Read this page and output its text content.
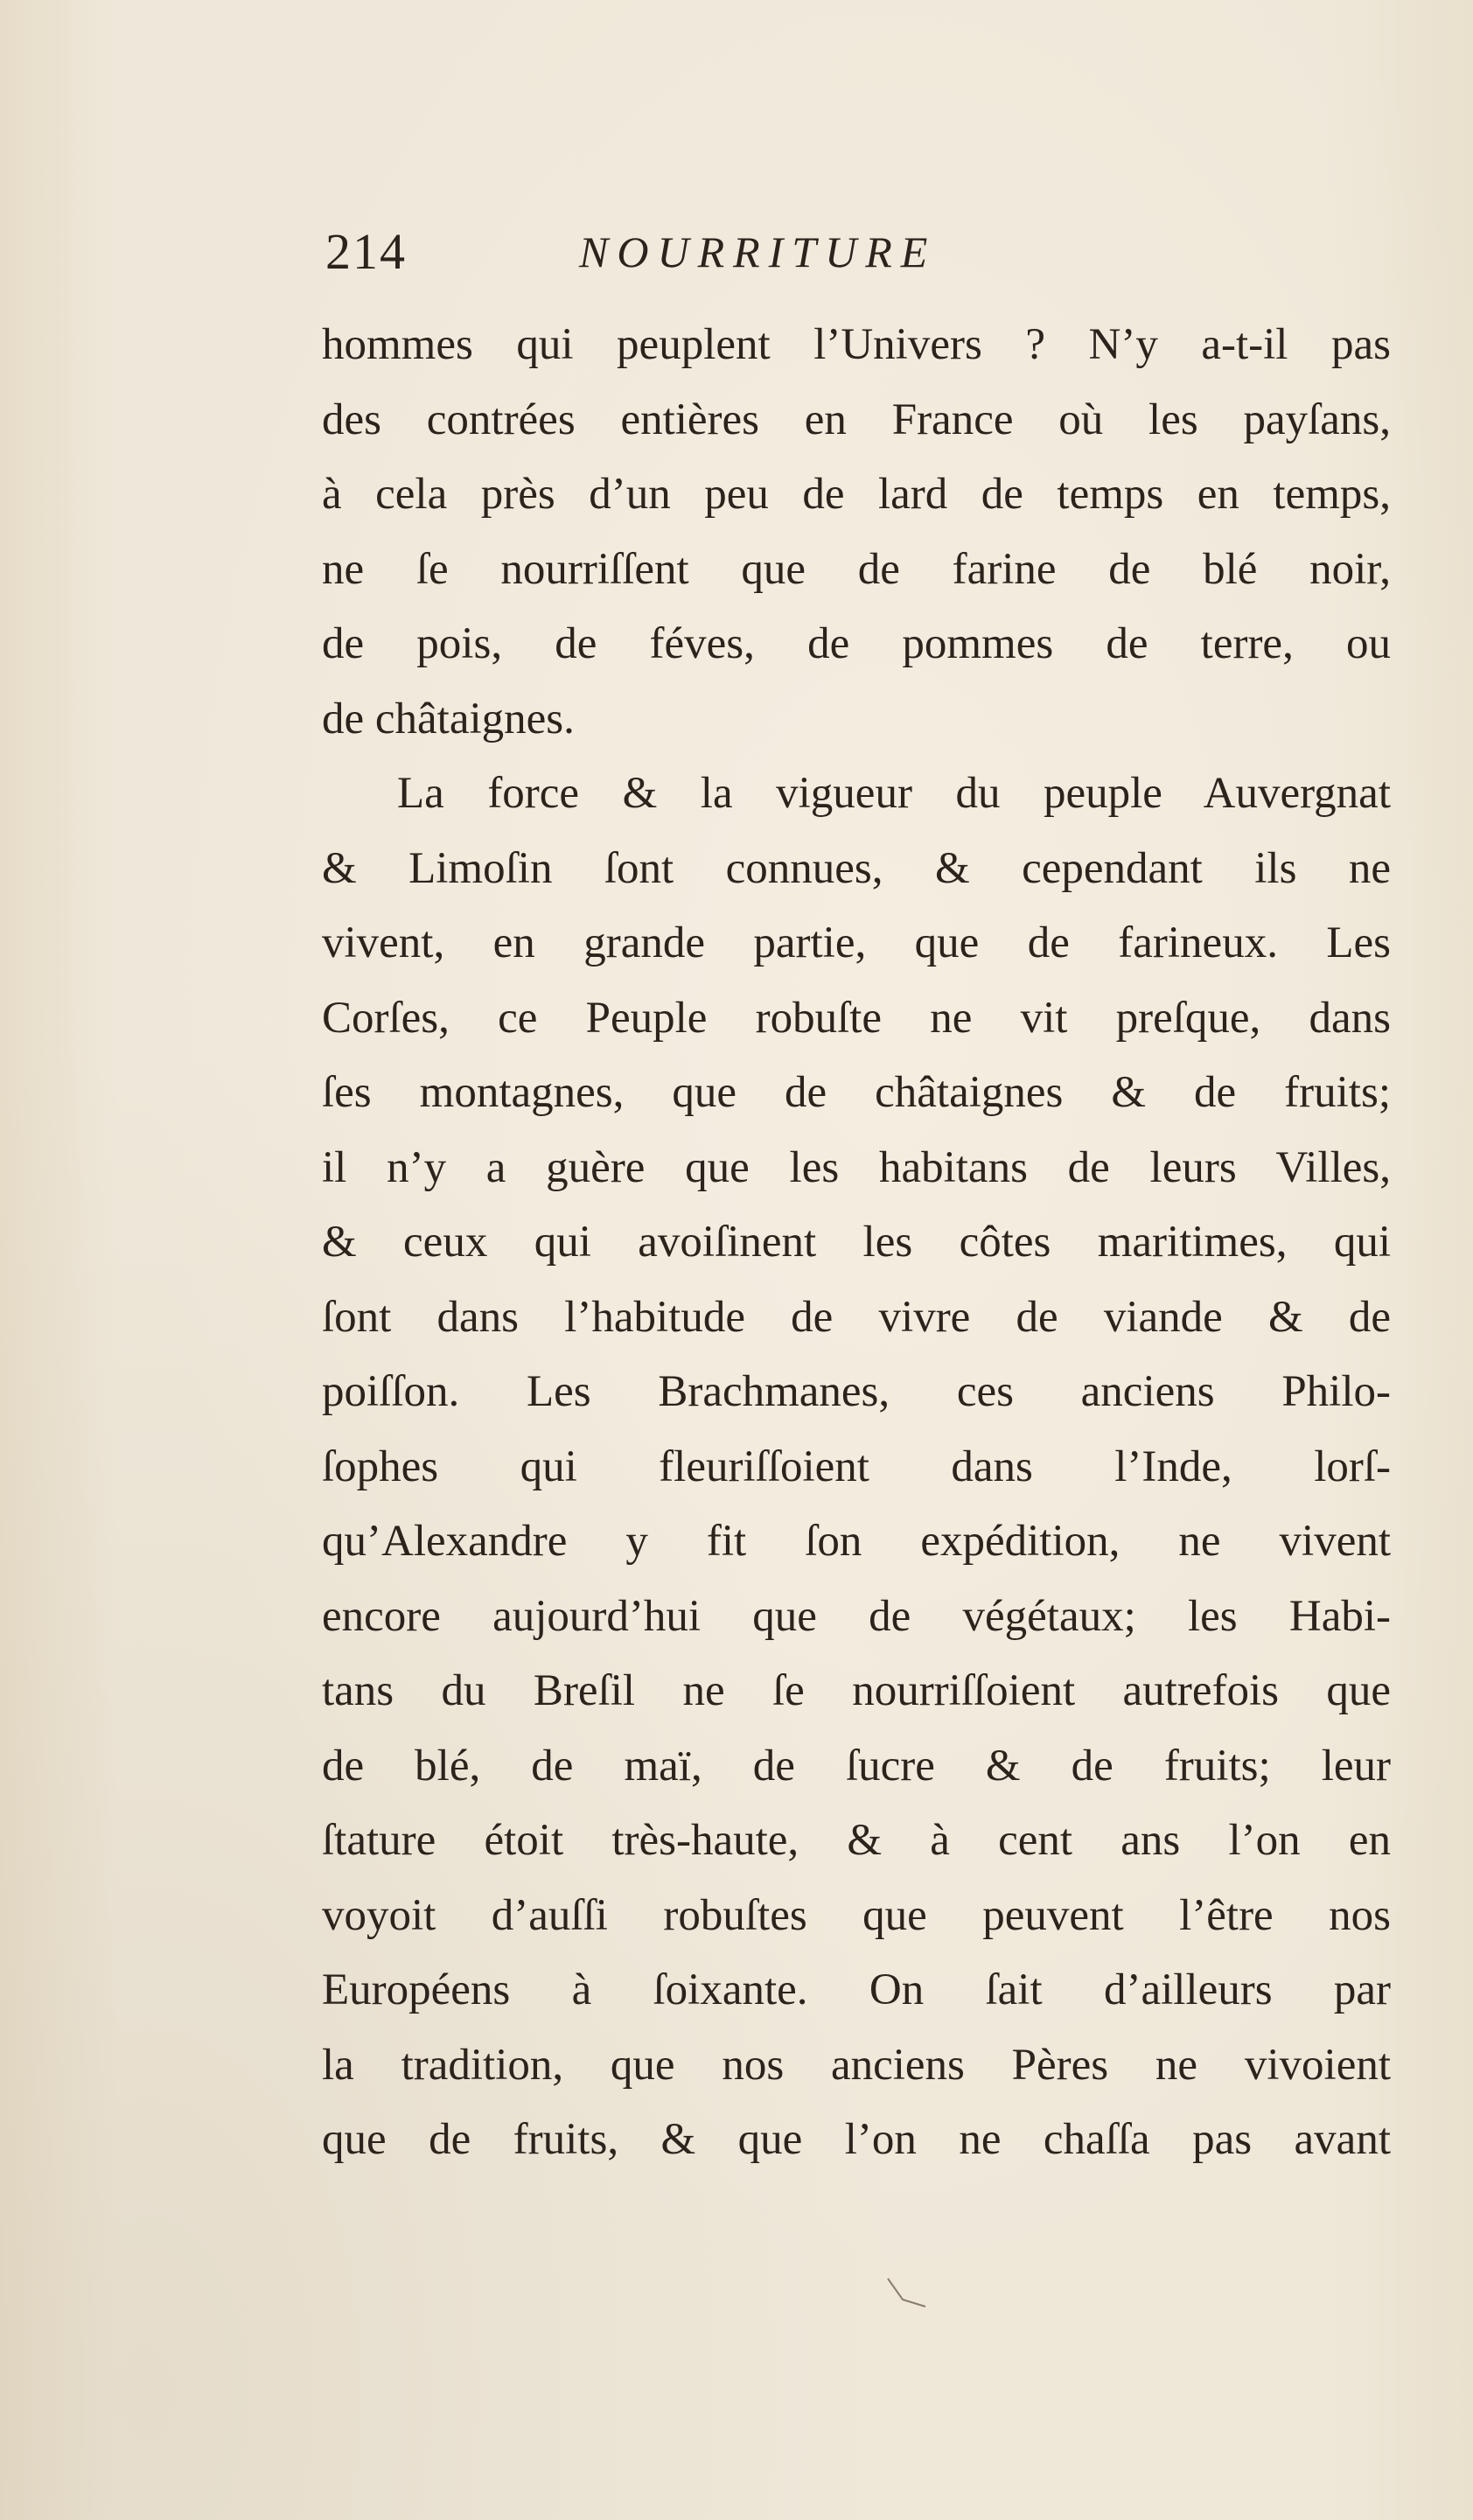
214	NOURRITURE
hommes qui peuplent l’Univers ? N’y a-t-il pas
des contrées entières en France où les payſans,
à cela près d’un peu de lard de temps en temps,
ne ſe nourriſſent que de farine de blé noir,
de pois, de féves, de pommes de terre, ou
de châtaignes.
La force & la vigueur du peuple Auvergnat
& Limoſin ſont connues, & cependant ils ne
vivent, en grande partie, que de farineux. Les
Corſes, ce Peuple robuſte ne vit preſque, dans
ſes montagnes, que de châtaignes & de fruits;
il n’y a guère que les habitans de leurs Villes,
& ceux qui avoiſinent les côtes maritimes, qui
ſont dans l’habitude de vivre de viande & de
poiſſon. Les Brachmanes, ces anciens Philo-
ſophes qui fleuriſſoient dans l’Inde, lorſ-
qu’Alexandre y fit ſon expédition, ne vivent
encore aujourd’hui que de végétaux; les Habi-
tans du Breſil ne ſe nourriſſoient autrefois que
de blé, de maï, de ſucre & de fruits; leur
ſtature étoit très-haute, & à cent ans l’on en
voyoit d’auſſi robuſtes que peuvent l’être nos
Européens à ſoixante. On ſait d’ailleurs par
la tradition, que nos anciens Pères ne vivoient
que de fruits, & que l’on ne chaſſa pas avant
